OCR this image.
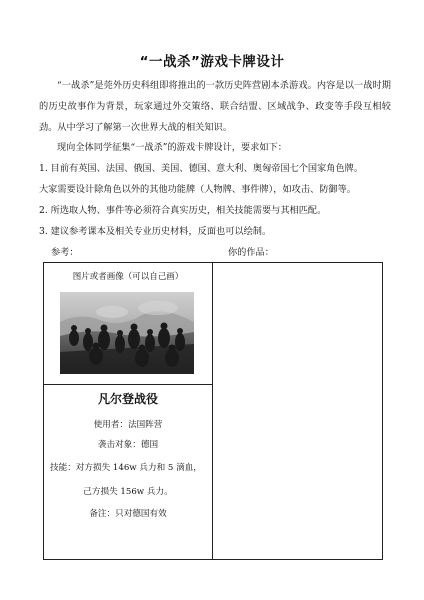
“一战杀”游戏卡牌设计

“一战杀”是莞外历史科组即将推出的一款历史阵营剧本杀游戏。内容是以一战时期的历史故事作为背景，玩家通过外交策络、联合结盟、区域战争、政变等手段互相较劲。从中学习了解第一次世界大战的相关知识。

现向全体同学征集“一战杀”的游戏卡牌设计，要求如下：

1. 目前有英国、法国、俄国、美国、德国、意大利、奥匈帝国七个国家角色牌。

大家需要设计除角色以外的其他功能牌（人物牌、事件牌），如攻击、防御等。

2. 所选取人物、事件等必须符合真实历史，相关技能需要与其相匹配。

3. 建议参考课本及相关专业历史材料，反面也可以绘制。

参考：	你的作品：
图片或者画像（可以自己画）
凡尔登战役
使用者：法国阵营
袭击对象：德国
技能：对方损失 146w 兵力和 5 滴血，
己方损失 156w 兵力。
备注：只对德国有效
